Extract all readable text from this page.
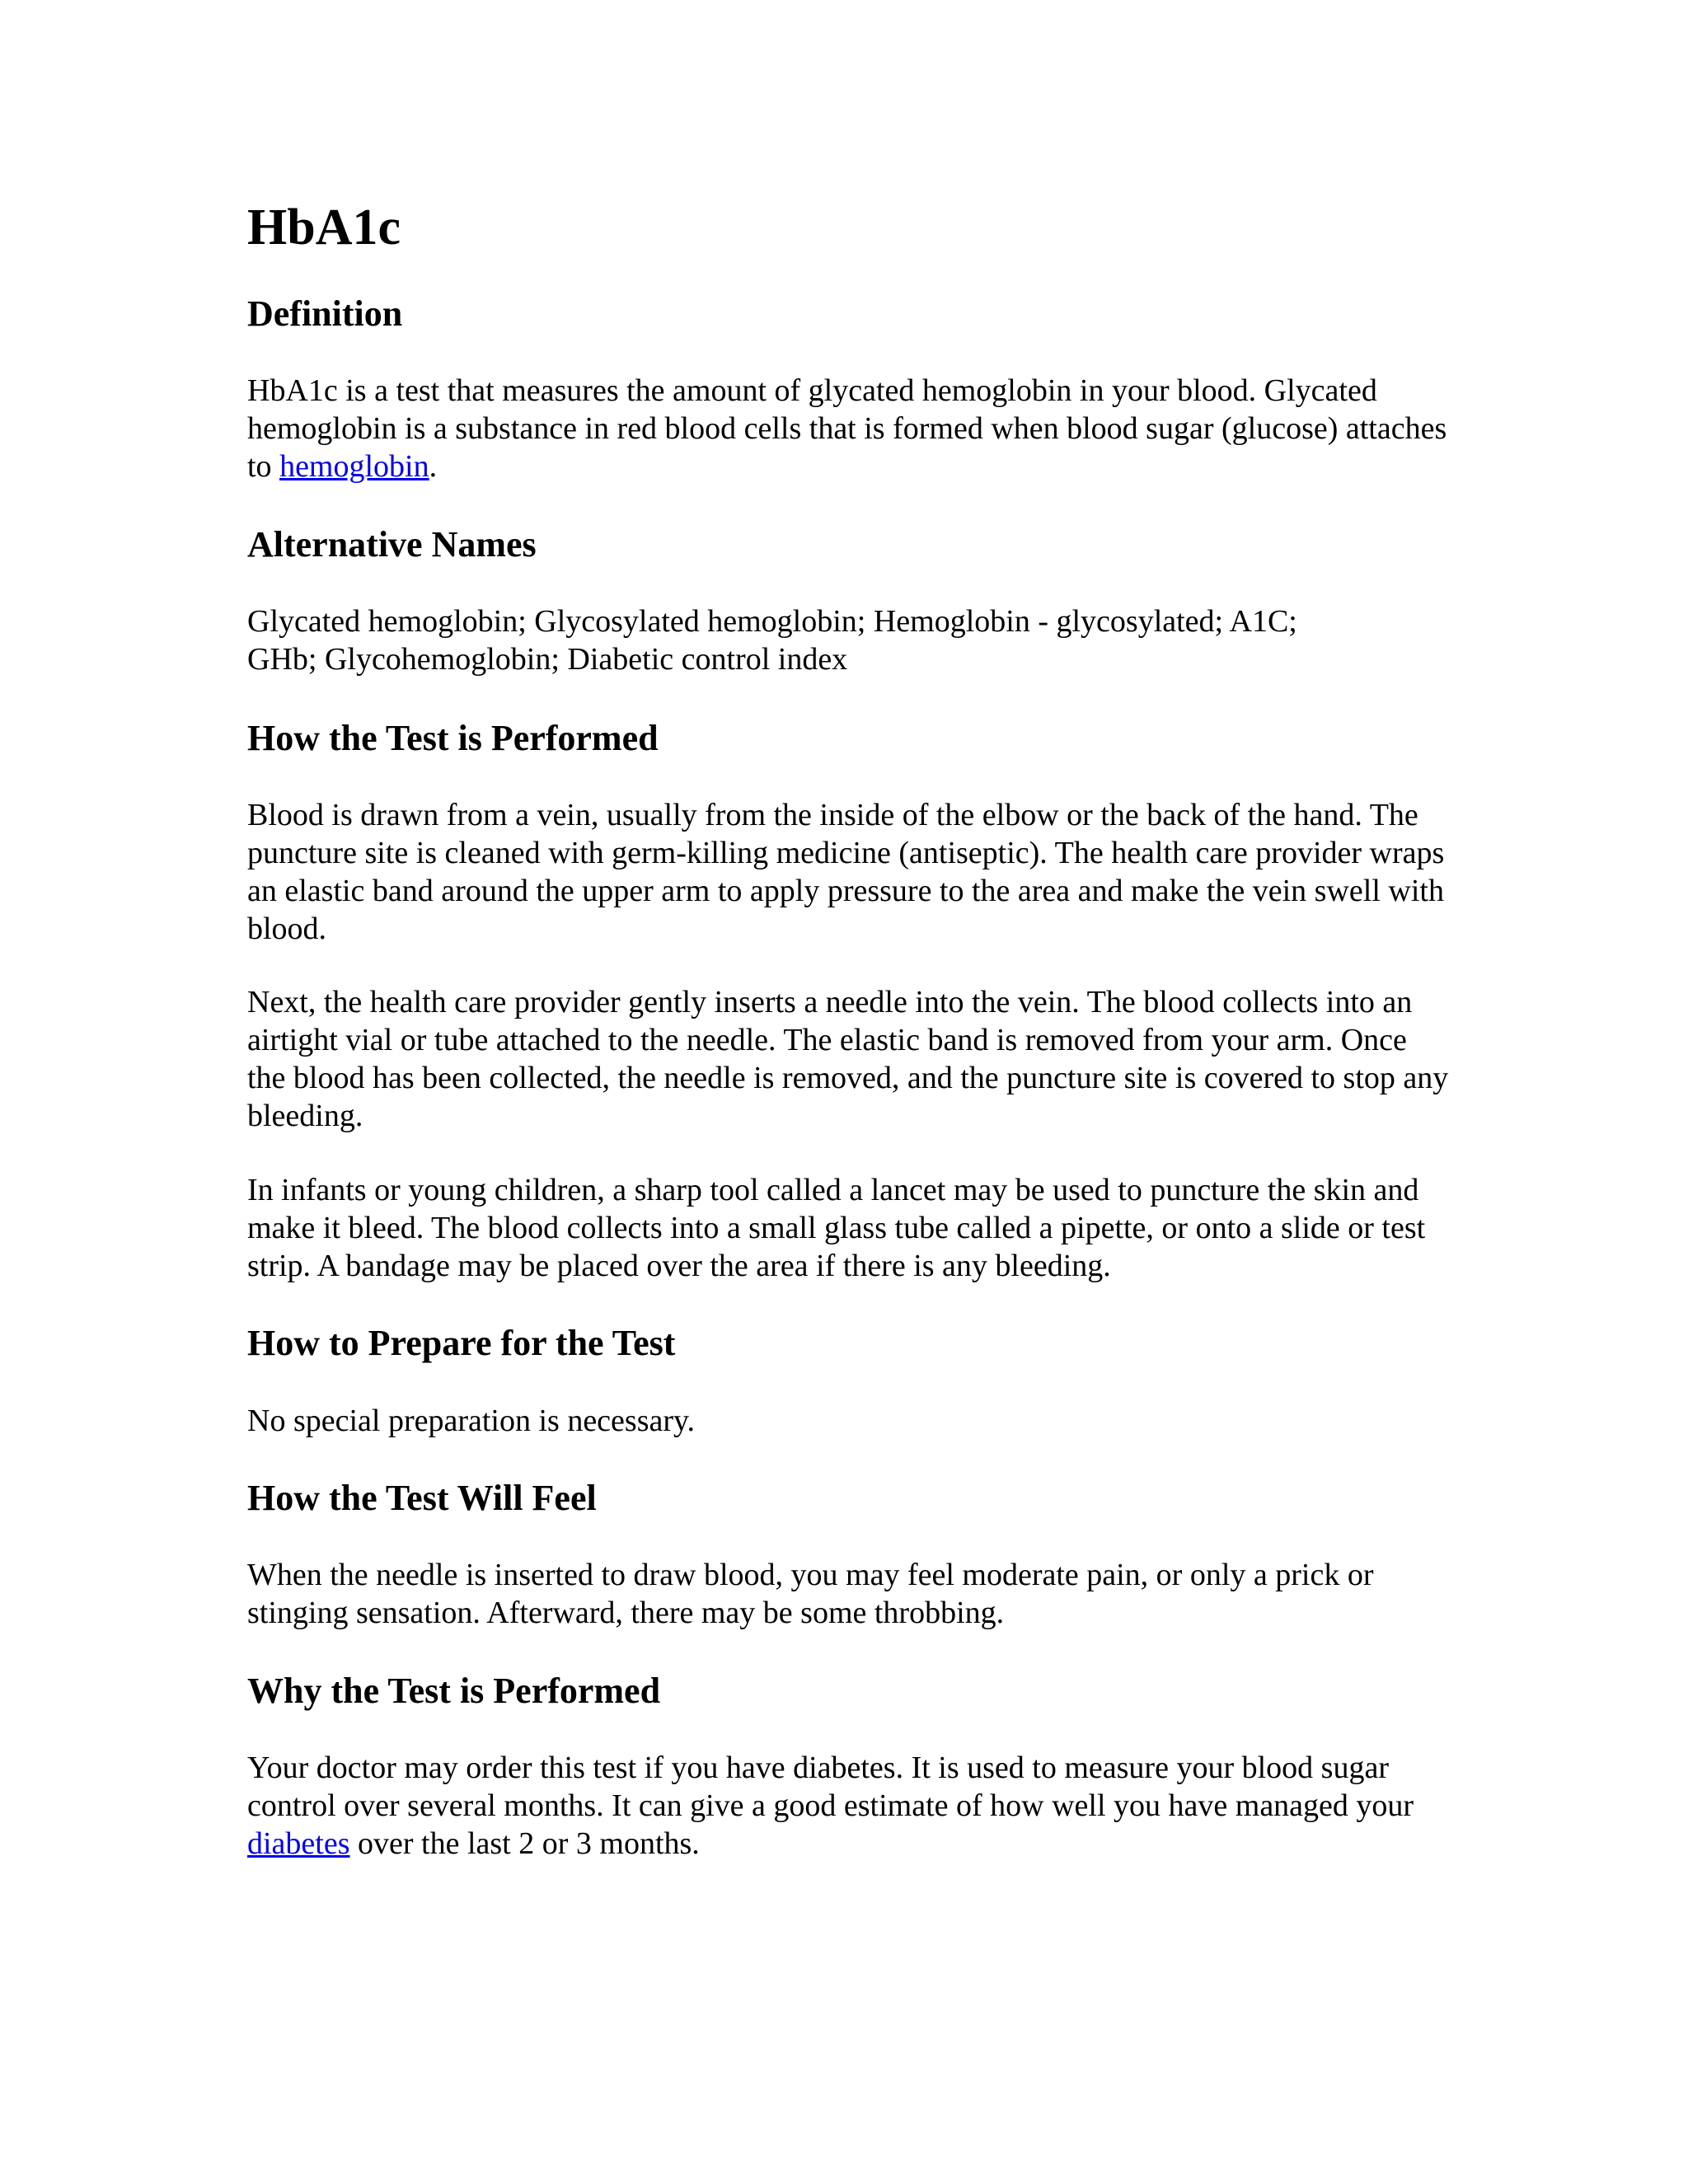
HbA1c
Definition

HbA1c is a test that measures the amount of glycated hemoglobin in your blood. Glycated hemoglobin is a substance in red blood cells that is formed when blood sugar (glucose) attaches to hemoglobin.

Alternative Names

Glycated hemoglobin; Glycosylated hemoglobin; Hemoglobin - glycosylated; A1C; GHb; Glycohemoglobin; Diabetic control index

How the Test is Performed

Blood is drawn from a vein, usually from the inside of the elbow or the back of the hand. The puncture site is cleaned with germ-killing medicine (antiseptic). The health care provider wraps an elastic band around the upper arm to apply pressure to the area and make the vein swell with blood.

Next, the health care provider gently inserts a needle into the vein. The blood collects into an airtight vial or tube attached to the needle. The elastic band is removed from your arm. Once the blood has been collected, the needle is removed, and the puncture site is covered to stop any bleeding.

In infants or young children, a sharp tool called a lancet may be used to puncture the skin and make it bleed. The blood collects into a small glass tube called a pipette, or onto a slide or test strip. A bandage may be placed over the area if there is any bleeding.

How to Prepare for the Test

No special preparation is necessary.

How the Test Will Feel

When the needle is inserted to draw blood, you may feel moderate pain, or only a prick or stinging sensation. Afterward, there may be some throbbing.

Why the Test is Performed

Your doctor may order this test if you have diabetes. It is used to measure your blood sugar control over several months. It can give a good estimate of how well you have managed your diabetes over the last 2 or 3 months.
